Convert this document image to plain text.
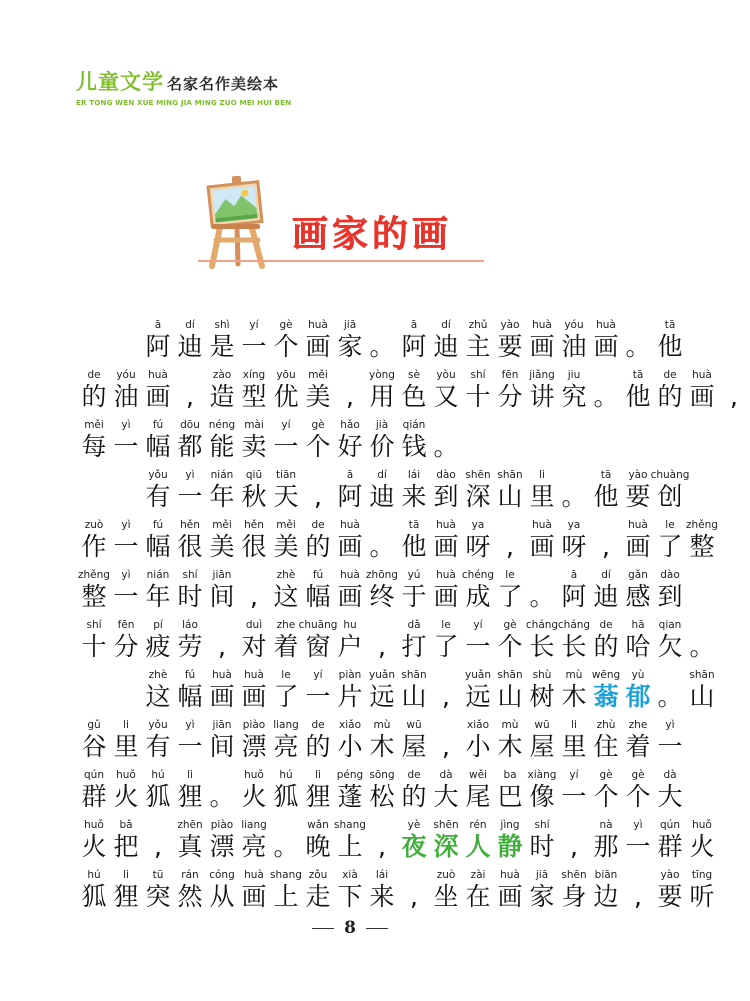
儿童文学 名家名作美绘本
ER TONG WEN XUE MING JIA MING ZUO MEI HUI BEN
画家的画
ā
阿
dí
迪
shì
是
yí
一
gè
个
huà
画
jiā
家 。
ā
阿
dí
迪
zhǔ
主
yào
要
huà
画
yóu
油
huà
画 。
tā
他
de
的
yóu
油
huà
画 ,
zào
造
xíng
型
yōu
优
měi
美 ,
yòng
用
sè
色
yòu
又
shí
十
fēn
分
jiǎng
讲
jiu
究 。
tā
他
de
的
huà
画 ,
měi
每
yì
一
fú
幅
dōu
都
néng
能
mài
卖
yí
一
gè
个
hǎo
好
jià
价
qián
钱 。
yǒu
有
yì
一
nián
年
qiū
秋
tiān
天 ,
ā
阿
dí
迪
lái
来
dào
到
shēn
深
shān
山
li
里 。
tā
他
yào
要
chuàng
创
zuò
作
yì
一
fú
幅
hěn
很
měi
美
hěn
很
měi
美
de
的
huà
画 。
tā
他
huà
画
ya
呀 ,
huà
画
ya
呀 ,
huà
画
le
了
zhěng
整
zhěng
整
yì
一
nián
年
shí
时
jiān
间 ,
zhè
这
fú
幅
huà
画
zhōng
终
yú
于
huà
画
chéng
成
le
了 。
ā
阿
dí
迪
gǎn
感
dào
到
shí
十
fēn
分
pí
疲
láo
劳 ,
duì
对
zhe
着
chuāng
窗
hu
户 ,
dǎ
打
le
了
yí
一
gè
个
cháng
长
cháng
长
de
的
hā
哈
qian
欠 。
zhè
这
fú
幅
huà
画
huà
画
le
了
yí
一
piàn
片
yuǎn
远
shān
山 ,
yuǎn
远
shān
山
shù
树
mù
木
wēng
蓊
yù
郁 。
shān
山
gǔ
谷
li
里
yǒu
有
yì
一
jiān
间
piào
漂
liang
亮
de
的
xiǎo
小
mù
木
wū
屋 ,
xiǎo
小
mù
木
wū
屋
li
里
zhù
住
zhe
着
yì
一
qún
群
huǒ
火
hú
狐
li
狸 。
huǒ
火
hú
狐
li
狸
péng
蓬
sōng
松
de
的
dà
大
wěi
尾
ba
巴
xiàng
像
yí
一
gè
个
gè
个
dà
大
huǒ
火
bǎ
把 ,
zhēn
真
piào
漂
liang
亮 。
wǎn
晚
shang
上 ,
yè
夜
shēn
深
rén
人
jìng
静
shí
时 ,
nà
那
yì
一
qún
群
huǒ
火
hú
狐
li
狸
tū
突
rán
然
cóng
从
huà
画
shang
上
zǒu
走
xià
下
lái
来 ,
zuò
坐
zài
在
huà
画
jiā
家
shēn
身
biān
边 ,
yào
要
tīng
听
8
